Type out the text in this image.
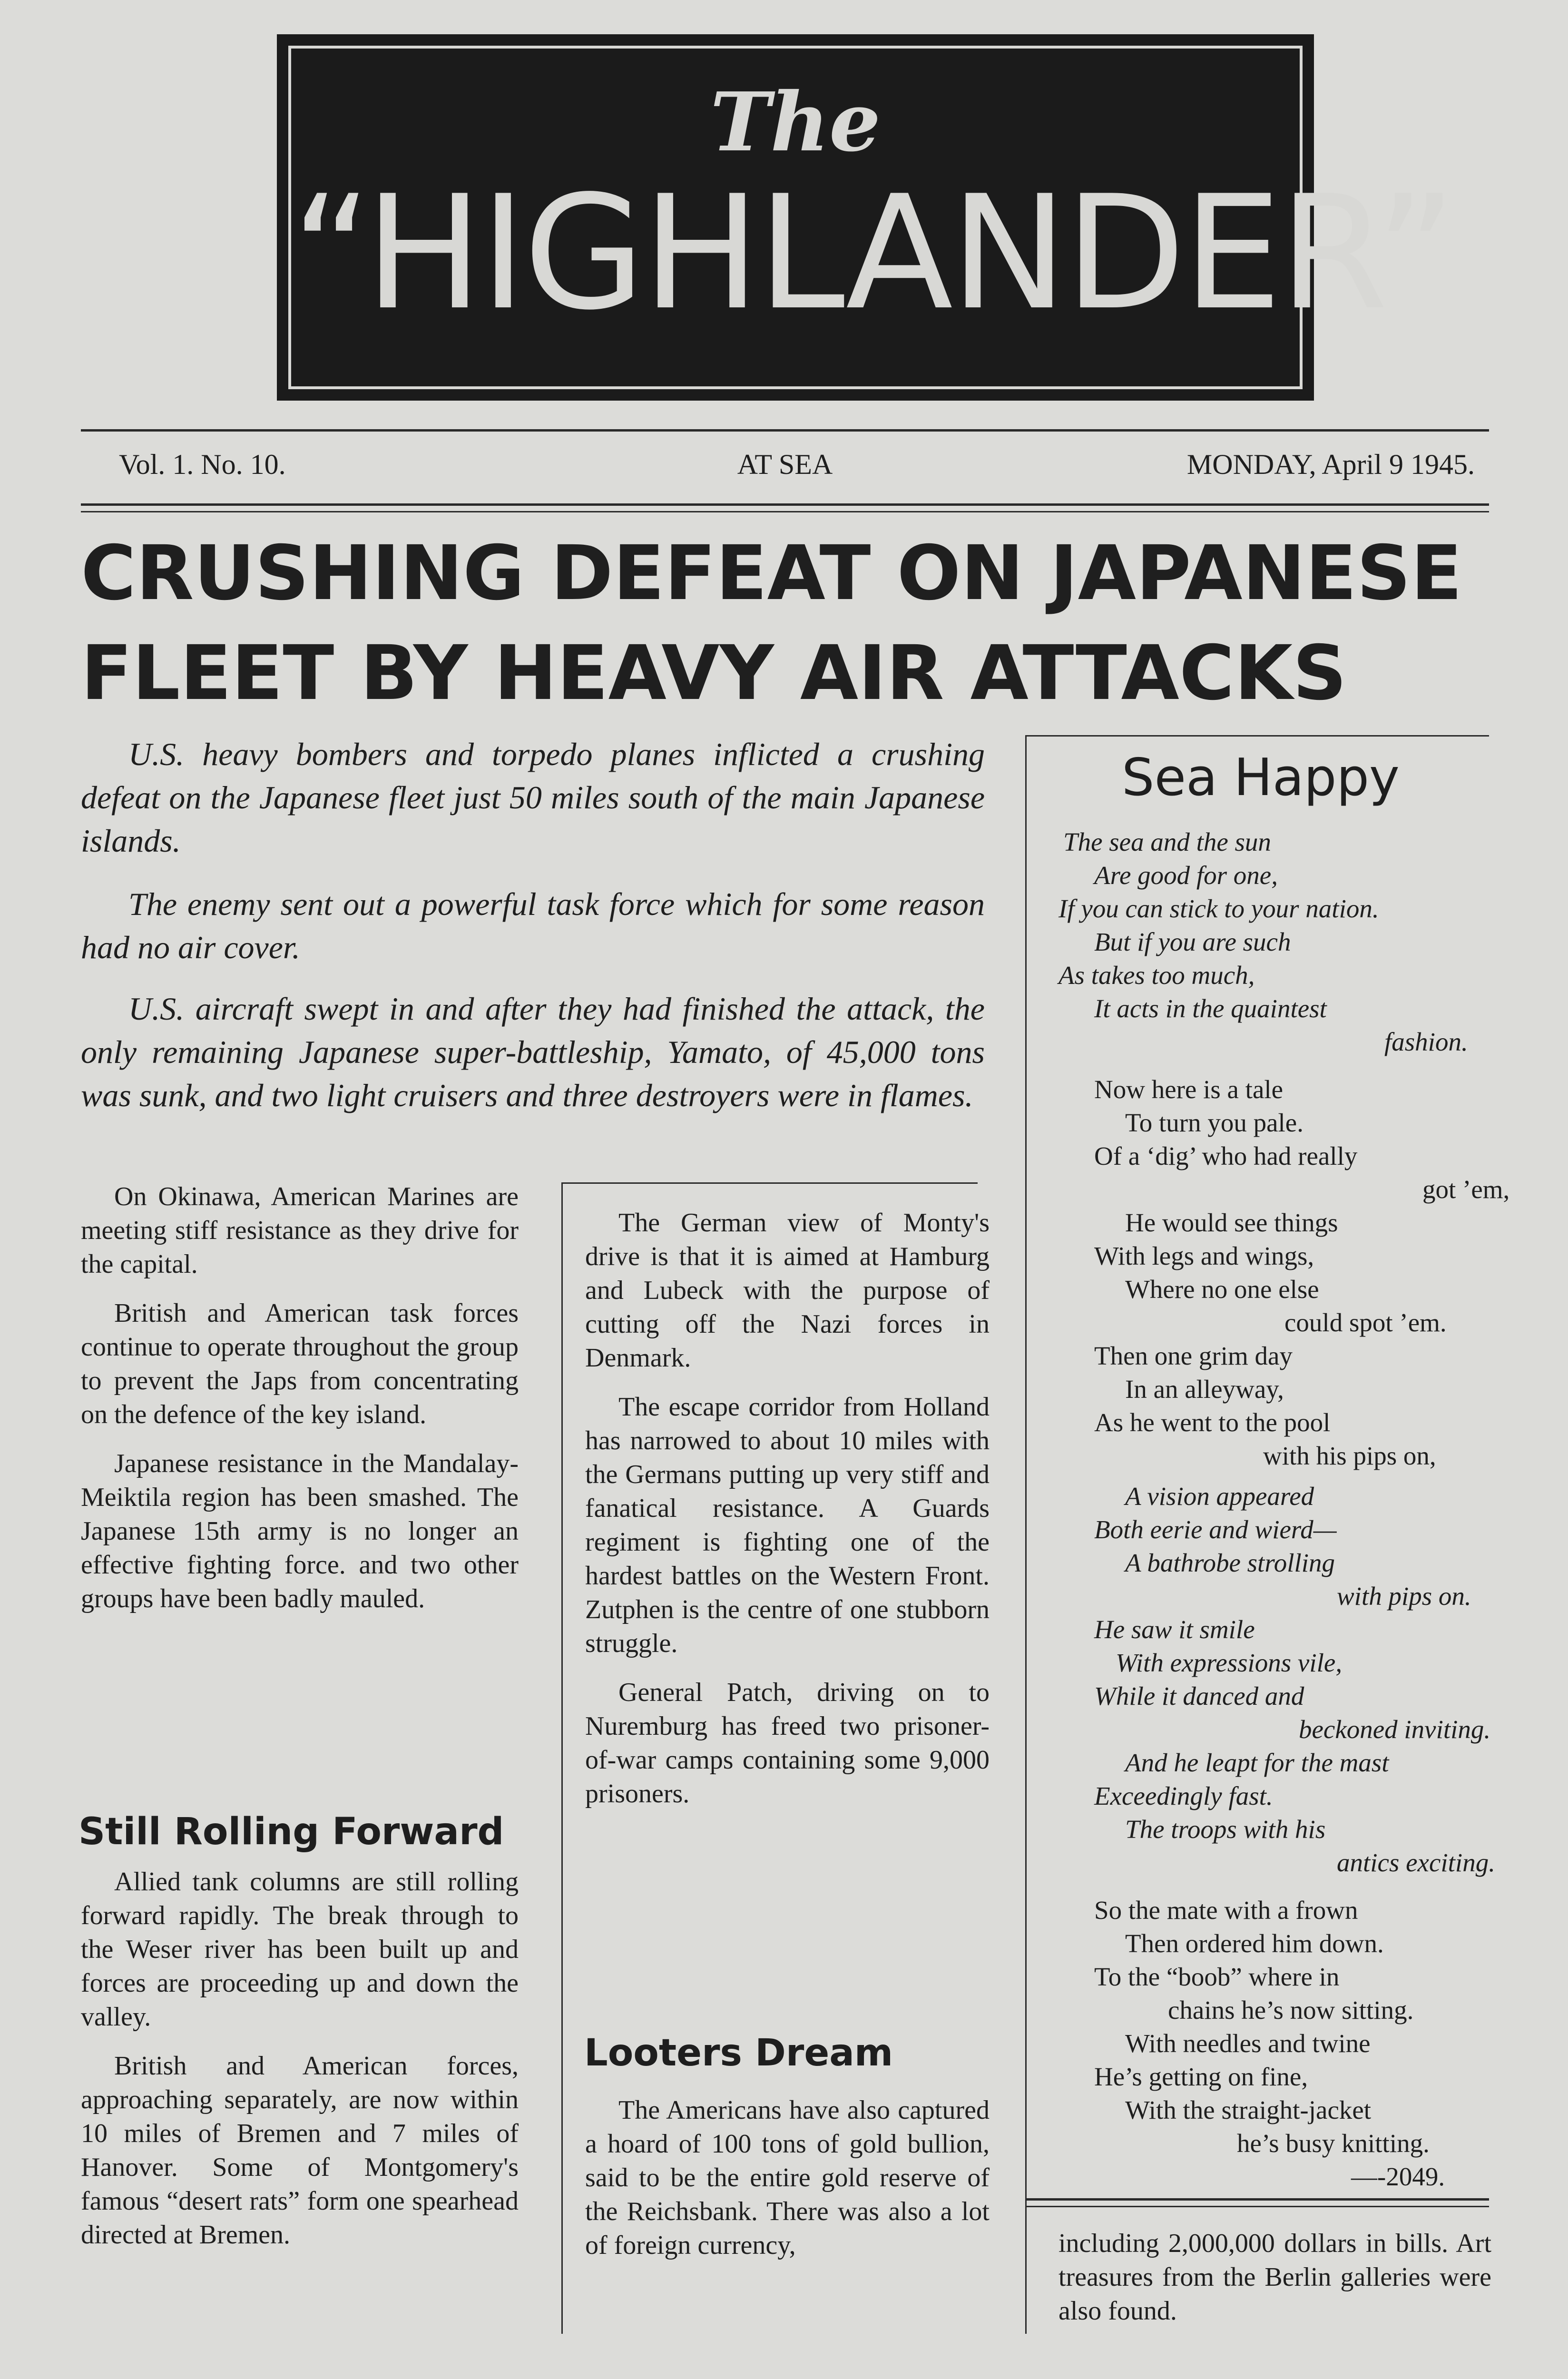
The
“HIGHLANDER”
Vol. 1. No. 10.	AT SEA	MONDAY, April 9 1945.
CRUSHING DEFEAT ON JAPANESE
FLEET BY HEAVY AIR ATTACKS
U.S. heavy bombers and torpedo planes inflicted a crushing defeat on the Japanese fleet just 50 miles south of the main Japanese islands.
The enemy sent out a powerful task force which for some reason had no air cover.
U.S. aircraft swept in and after they had finished the attack, the only remaining Japanese super-battleship, Yamato, of 45,000 tons was sunk, and two light cruisers and three destroyers were in flames.

On Okinawa, American Marines are meeting stiff resistance as they drive for the capital.

British and American task forces continue to operate throughout the group to prevent the Japs from concentrating on the defence of the key island.

Japanese resistance in the Mandalay-Meiktila region has been smashed. The Japanese 15th army is no longer an effective fighting force. and two other groups have been badly mauled.

Still Rolling Forward

Allied tank columns are still rolling forward rapidly. The break through to the Weser river has been built up and forces are proceeding up and down the valley.

British and American forces, approaching separately, are now within 10 miles of Bremen and 7 miles of Hanover. Some of Montgomery's famous “desert rats” form one spearhead directed at Bremen.

The German view of Monty's drive is that it is aimed at Hamburg and Lubeck with the purpose of cutting off the Nazi forces in Denmark.

The escape corridor from Holland has narrowed to about 10 miles with the Germans putting up very stiff and fanatical resistance. A Guards regiment is fighting one of the hardest battles on the Western Front. Zutphen is the centre of one stubborn struggle.

General Patch, driving on to Nuremburg has freed two prisoner-of-war camps containing some 9,000 prisoners.

Looters Dream

The Americans have also captured a hoard of 100 tons of gold bullion, said to be the entire gold reserve of the Reichsbank. There was also a lot of foreign currency,

Sea Happy
The sea and the sun
Are good for one,
If you can stick to your nation.
But if you are such
As takes too much,
It acts in the quaintest
fashion.
Now here is a tale
To turn you pale.
Of a ‘dig’ who had really
got ’em,
He would see things
With legs and wings,
Where no one else
could spot ’em.
Then one grim day
In an alleyway,
As he went to the pool
with his pips on,
A vision appeared
Both eerie and wierd—
A bathrobe strolling
with pips on.
He saw it smile
With expressions vile,
While it danced and
beckoned inviting.
And he leapt for the mast
Exceedingly fast.
The troops with his
antics exciting.
So the mate with a frown
Then ordered him down.
To the “boob” where in
chains he’s now sitting.
With needles and twine
He’s getting on fine,
With the straight-jacket
he’s busy knitting.
—-2049.

including 2,000,000 dollars in bills. Art treasures from the Berlin galleries were also found.
